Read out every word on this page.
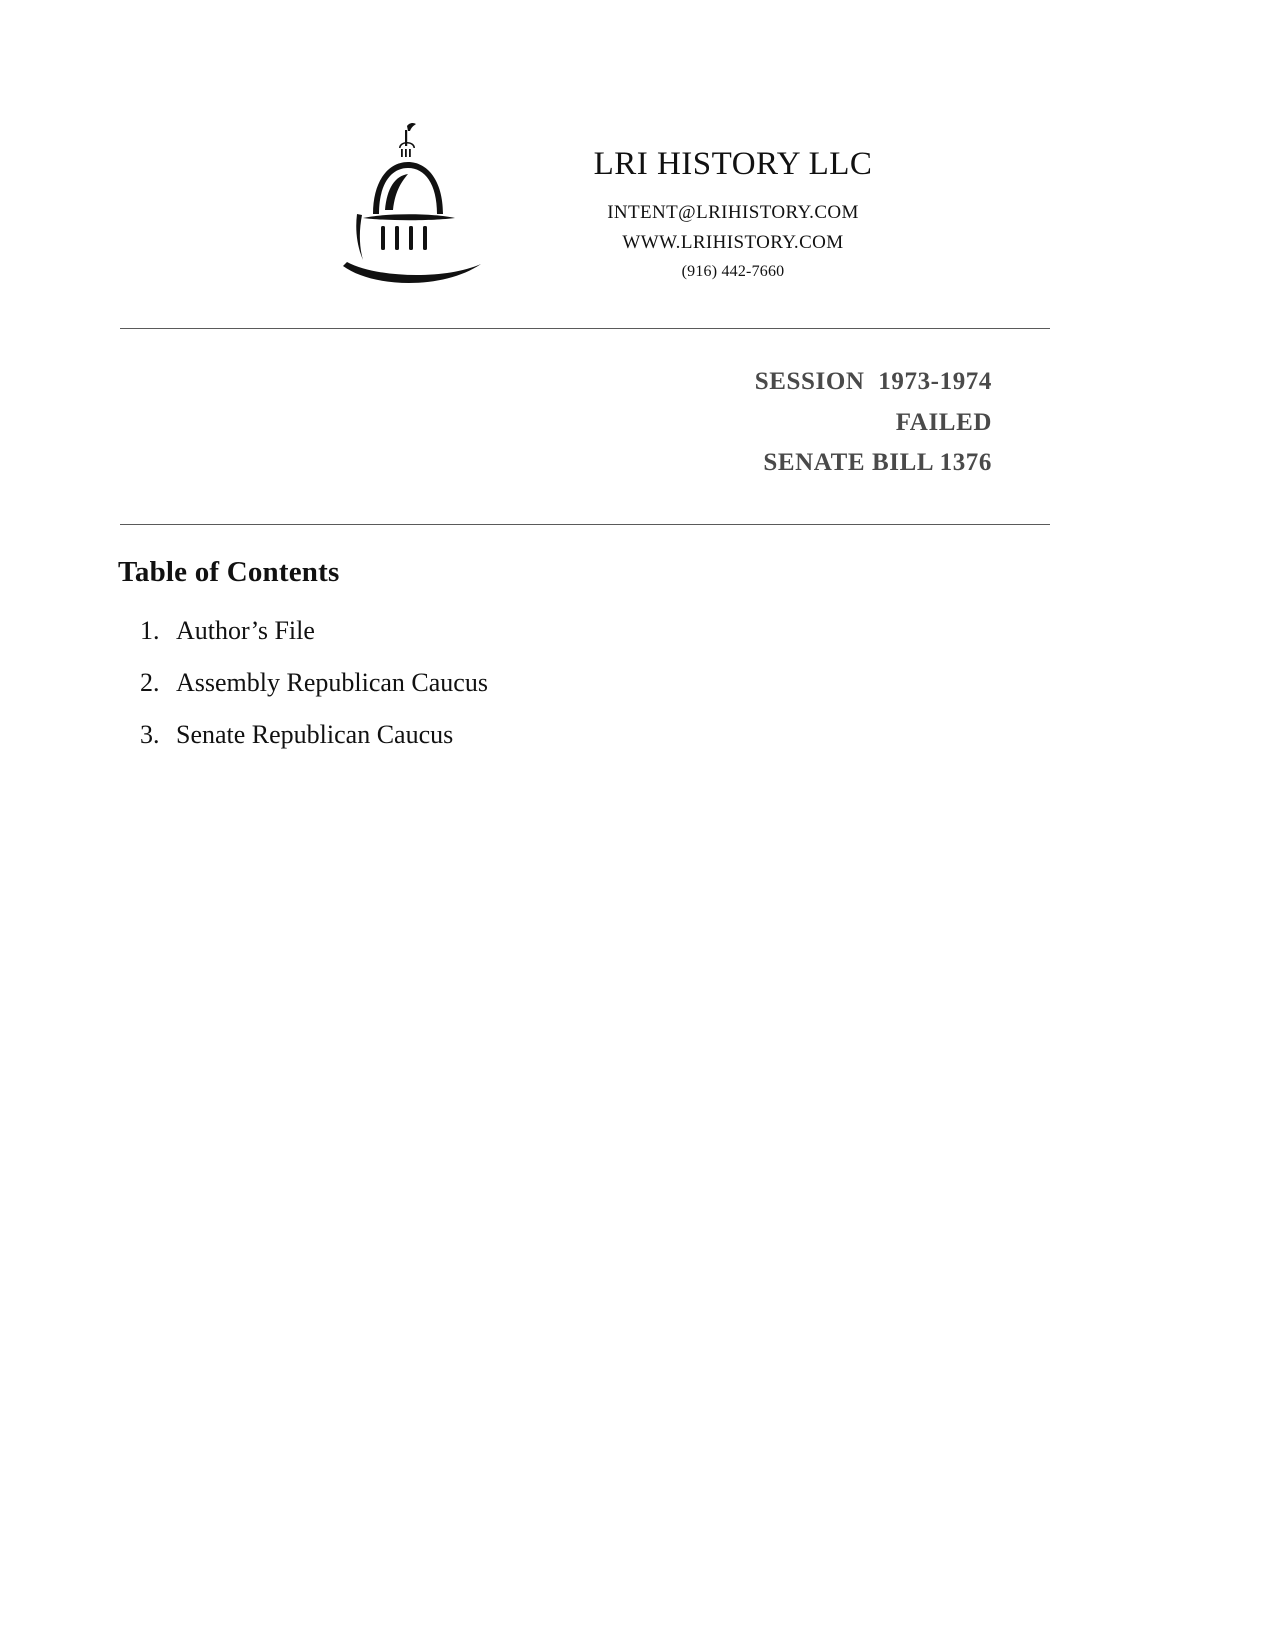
LRI HISTORY LLC
INTENT@LRIHISTORY.COM
WWW.LRIHISTORY.COM
(916) 442-7660
SESSION  1973-1974
FAILED
SENATE BILL 1376
Table of Contents
1. Author’s File
2. Assembly Republican Caucus
3. Senate Republican Caucus
